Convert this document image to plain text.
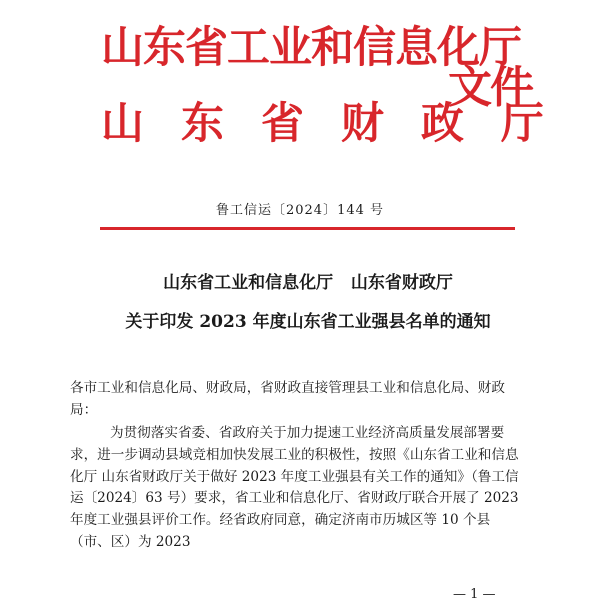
山东省工业和信息化厅
山 东 省 财 政 厅
文件
鲁工信运〔2024〕144 号
山东省工业和信息化厅   山东省财政厅
关于印发 2023 年度山东省工业强县名单的通知
各市工业和信息化局、财政局，省财政直接管理县工业和信息化局、财政局：
为贯彻落实省委、省政府关于加力提速工业经济高质量发展部署要求，进一步调动县域竞相加快发展工业的积极性，按照《山东省工业和信息化厅 山东省财政厅关于做好 2023 年度工业强县有关工作的通知》（鲁工信运〔2024〕63 号）要求，省工业和信息化厅、省财政厅联合开展了 2023 年度工业强县评价工作。经省政府同意，确定济南市历城区等 10 个县（市、区）为 2023
— 1 —
